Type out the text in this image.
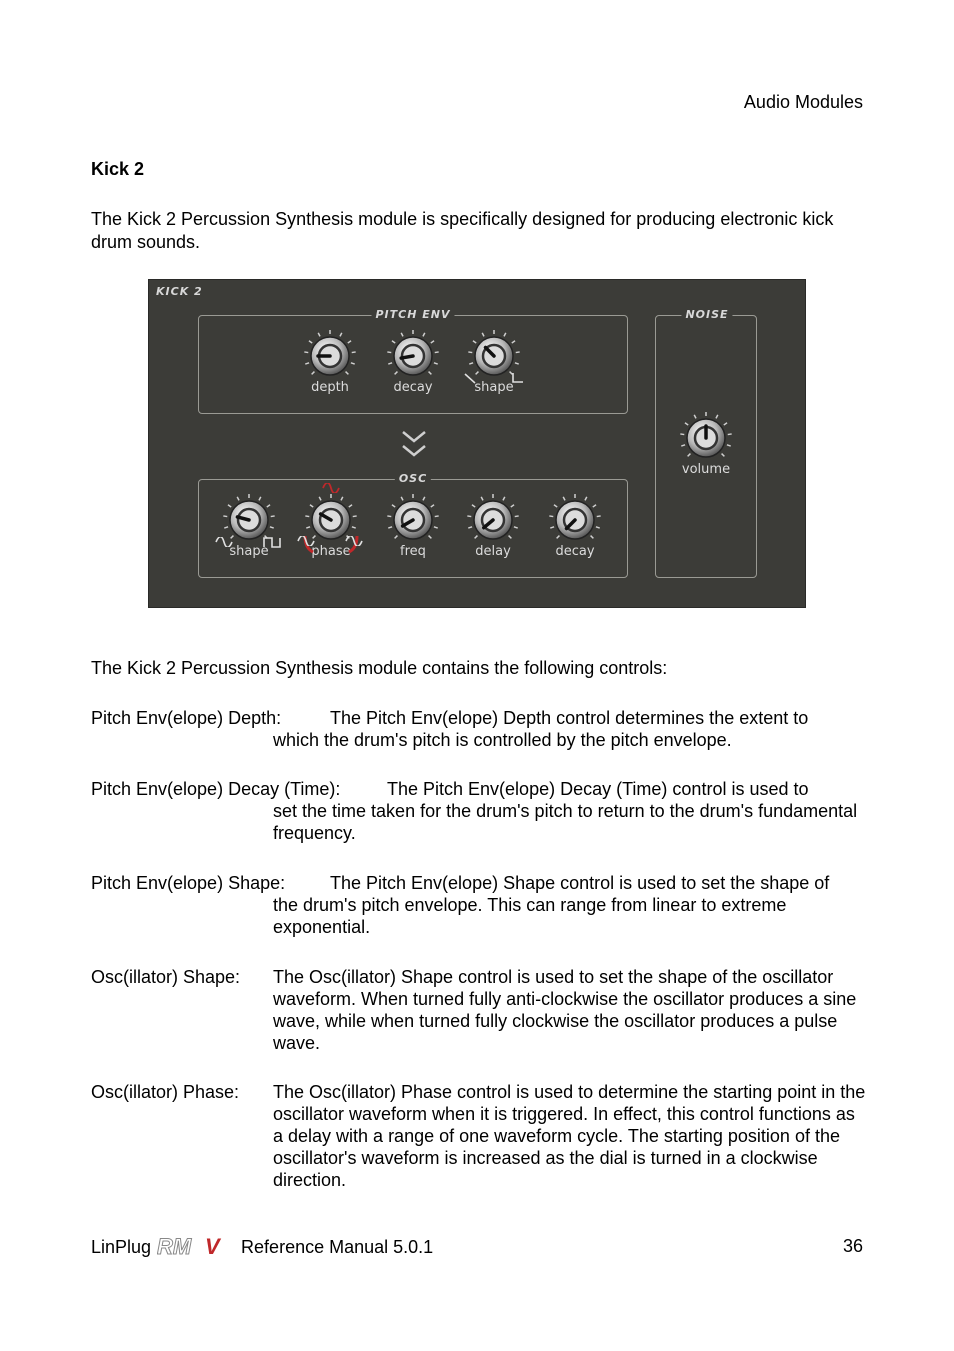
Audio Modules
Kick 2
The Kick 2 Percussion Synthesis module is specifically designed for producing electronic kick drum sounds.
KICK 2
PITCH ENV
OSC
NOISE
depth	decay	shape
shape	phase	freq	delay	decay
volume
The Kick 2 Percussion Synthesis module contains the following controls:
Pitch Env(elope) Depth:	The Pitch Env(elope) Depth control determines the extent to
which the drum's pitch is controlled by the pitch envelope.
Pitch Env(elope) Decay (Time):	The Pitch Env(elope) Decay (Time) control is used to
set the time taken for the drum's pitch to return to the drum's fundamental frequency.
Pitch Env(elope) Shape: The Pitch Env(elope) Shape control is used to set the shape of
the drum's pitch envelope. This can range from linear to extreme exponential.
Osc(illator) Shape: The Osc(illator) Shape control is used to set the shape of the oscillator waveform. When turned fully anti-clockwise the oscillator produces a sine wave, while when turned fully clockwise the oscillator produces a pulse wave.
Osc(illator) Phase: The Osc(illator) Phase control is used to determine the starting point in the oscillator waveform when it is triggered. In effect, this control functions as a delay with a range of one waveform cycle. The starting position of the oscillator's waveform is increased as the dial is turned in a clockwise direction.
LinPlug RM V Reference Manual 5.0.1	36
